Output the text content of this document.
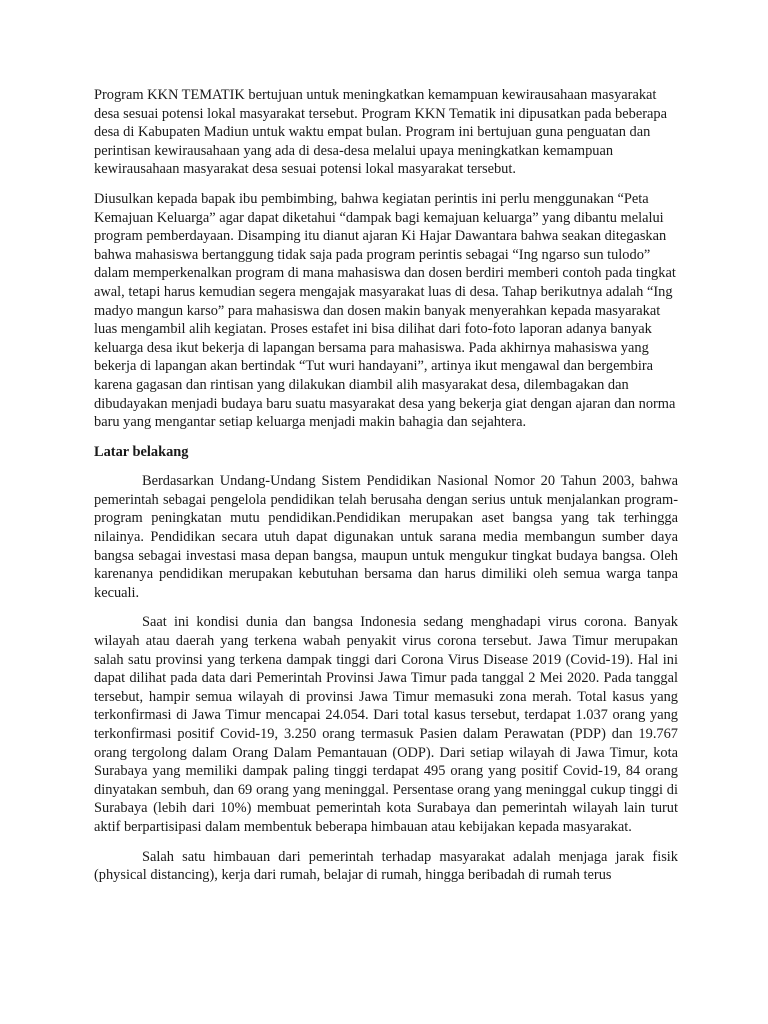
Program KKN TEMATIK bertujuan untuk meningkatkan kemampuan kewirausahaan masyarakat desa sesuai potensi lokal masyarakat tersebut. Program KKN Tematik ini dipusatkan pada beberapa desa di Kabupaten Madiun untuk waktu empat bulan. Program ini bertujuan guna penguatan dan perintisan kewirausahaan yang ada di desa-desa melalui upaya meningkatkan kemampuan kewirausahaan masyarakat desa sesuai potensi lokal masyarakat tersebut.

Diusulkan kepada bapak ibu pembimbing, bahwa kegiatan perintis ini perlu menggunakan “Peta Kemajuan Keluarga” agar dapat diketahui “dampak bagi kemajuan keluarga” yang dibantu melalui program pemberdayaan. Disamping itu dianut ajaran Ki Hajar Dawantara bahwa seakan ditegaskan bahwa mahasiswa bertanggung tidak saja pada program perintis sebagai “Ing ngarso sun tulodo” dalam memperkenalkan program di mana mahasiswa dan dosen berdiri memberi contoh pada tingkat awal, tetapi harus kemudian segera mengajak masyarakat luas di desa. Tahap berikutnya adalah “Ing madyo mangun karso” para mahasiswa dan dosen makin banyak menyerahkan kepada masyarakat luas mengambil alih kegiatan. Proses estafet ini bisa dilihat dari foto-foto laporan adanya banyak keluarga desa ikut bekerja di lapangan bersama para mahasiswa. Pada akhirnya mahasiswa yang bekerja di lapangan akan bertindak “Tut wuri handayani”, artinya ikut mengawal dan bergembira karena gagasan dan rintisan yang dilakukan diambil alih masyarakat desa, dilembagakan dan dibudayakan menjadi budaya baru suatu masyarakat desa yang bekerja giat dengan ajaran dan norma baru yang mengantar setiap keluarga menjadi makin bahagia dan sejahtera.

Latar belakang

Berdasarkan Undang-Undang Sistem Pendidikan Nasional Nomor 20 Tahun 2003, bahwa pemerintah sebagai pengelola pendidikan telah berusaha dengan serius untuk menjalankan program-program peningkatan mutu pendidikan.Pendidikan merupakan aset bangsa yang tak terhingga nilainya. Pendidikan secara utuh dapat digunakan untuk sarana media membangun sumber daya bangsa sebagai investasi masa depan bangsa, maupun untuk mengukur tingkat budaya bangsa. Oleh karenanya pendidikan merupakan kebutuhan bersama dan harus dimiliki oleh semua warga tanpa kecuali.

Saat ini kondisi dunia dan bangsa Indonesia sedang menghadapi virus corona. Banyak wilayah atau daerah yang terkena wabah penyakit virus corona tersebut. Jawa Timur merupakan salah satu provinsi yang terkena dampak tinggi dari Corona Virus Disease 2019 (Covid-19). Hal ini dapat dilihat pada data dari Pemerintah Provinsi Jawa Timur pada tanggal 2 Mei 2020. Pada tanggal tersebut, hampir semua wilayah di provinsi Jawa Timur memasuki zona merah. Total kasus yang terkonfirmasi di Jawa Timur mencapai 24.054. Dari total kasus tersebut, terdapat 1.037 orang yang terkonfirmasi positif Covid-19, 3.250 orang termasuk Pasien dalam Perawatan (PDP) dan 19.767 orang tergolong dalam Orang Dalam Pemantauan (ODP). Dari setiap wilayah di Jawa Timur, kota Surabaya yang memiliki dampak paling tinggi terdapat 495 orang yang positif Covid-19, 84 orang dinyatakan sembuh, dan 69 orang yang meninggal. Persentase orang yang meninggal cukup tinggi di Surabaya (lebih dari 10%) membuat pemerintah kota Surabaya dan pemerintah wilayah lain turut aktif berpartisipasi dalam membentuk beberapa himbauan atau kebijakan kepada masyarakat.

Salah satu himbauan dari pemerintah terhadap masyarakat adalah menjaga jarak fisik (physical distancing), kerja dari rumah, belajar di rumah, hingga beribadah di rumah terus
